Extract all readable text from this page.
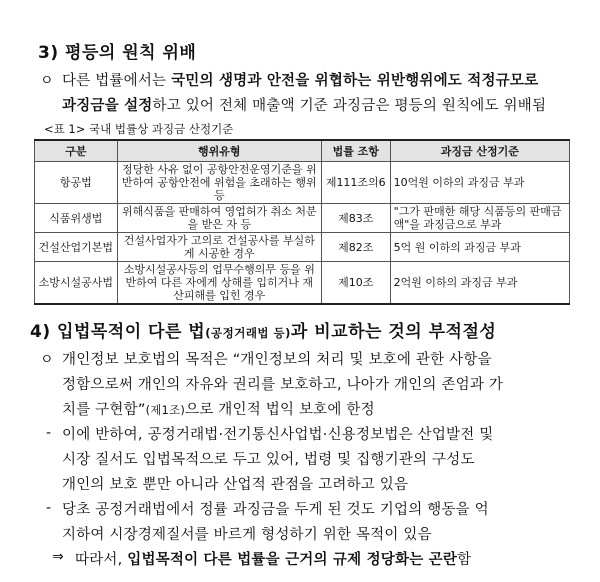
3) 평등의 원칙 위배
ㅇ 다른 법률에서는 국민의 생명과 안전을 위협하는 위반행위에도 적정규모로
과징금을 설정하고 있어 전체 매출액 기준 과징금은 평등의 원칙에도 위배됨
<표 1> 국내 법률상 과징금 산정기준
구분	행위유형	법률 조항	과징금 산정기준
항공법	정당한 사유 없이 공항안전운영기준을 위반하여 공항안전에 위험을 초래하는 행위 등	제111조의6	10억원 이하의 과징금 부과
식품위생법	위해식품을 판매하여 영업허가 취소 처분을 받은 자 등	제83조	"그가 판매한 해당 식품등의 판매금액"을 과징금으로 부과
건설산업기본법	건설사업자가 고의로 건설공사를 부실하게 시공한 경우	제82조	5억 원 이하의 과징금 부과
소방시설공사법	소방시설공사등의 업무수행의무 등을 위반하여 다른 자에게 상해를 입히거나 재산피해를 입힌 경우	제10조	2억원 이하의 과징금 부과
4) 입법목적이 다른 법(공정거래법 등)과 비교하는 것의 부적절성
ㅇ 개인정보 보호법의 목적은 “개인정보의 처리 및 보호에 관한 사항을
정함으로써 개인의 자유와 권리를 보호하고, 나아가 개인의 존엄과 가
치를 구현함”(제1조)으로 개인적 법익 보호에 한정
- 이에 반하여, 공정거래법·전기통신사업법·신용정보법은 산업발전 및
시장 질서도 입법목적으로 두고 있어, 법령 및 집행기관의 구성도
개인의 보호 뿐만 아니라 산업적 관점을 고려하고 있음
- 당초 공정거래법에서 정률 과징금을 두게 된 것도 기업의 행동을 억
지하여 시장경제질서를 바르게 형성하기 위한 목적이 있음
⇒ 따라서, 입법목적이 다른 법률을 근거의 규제 정당화는 곤란함
